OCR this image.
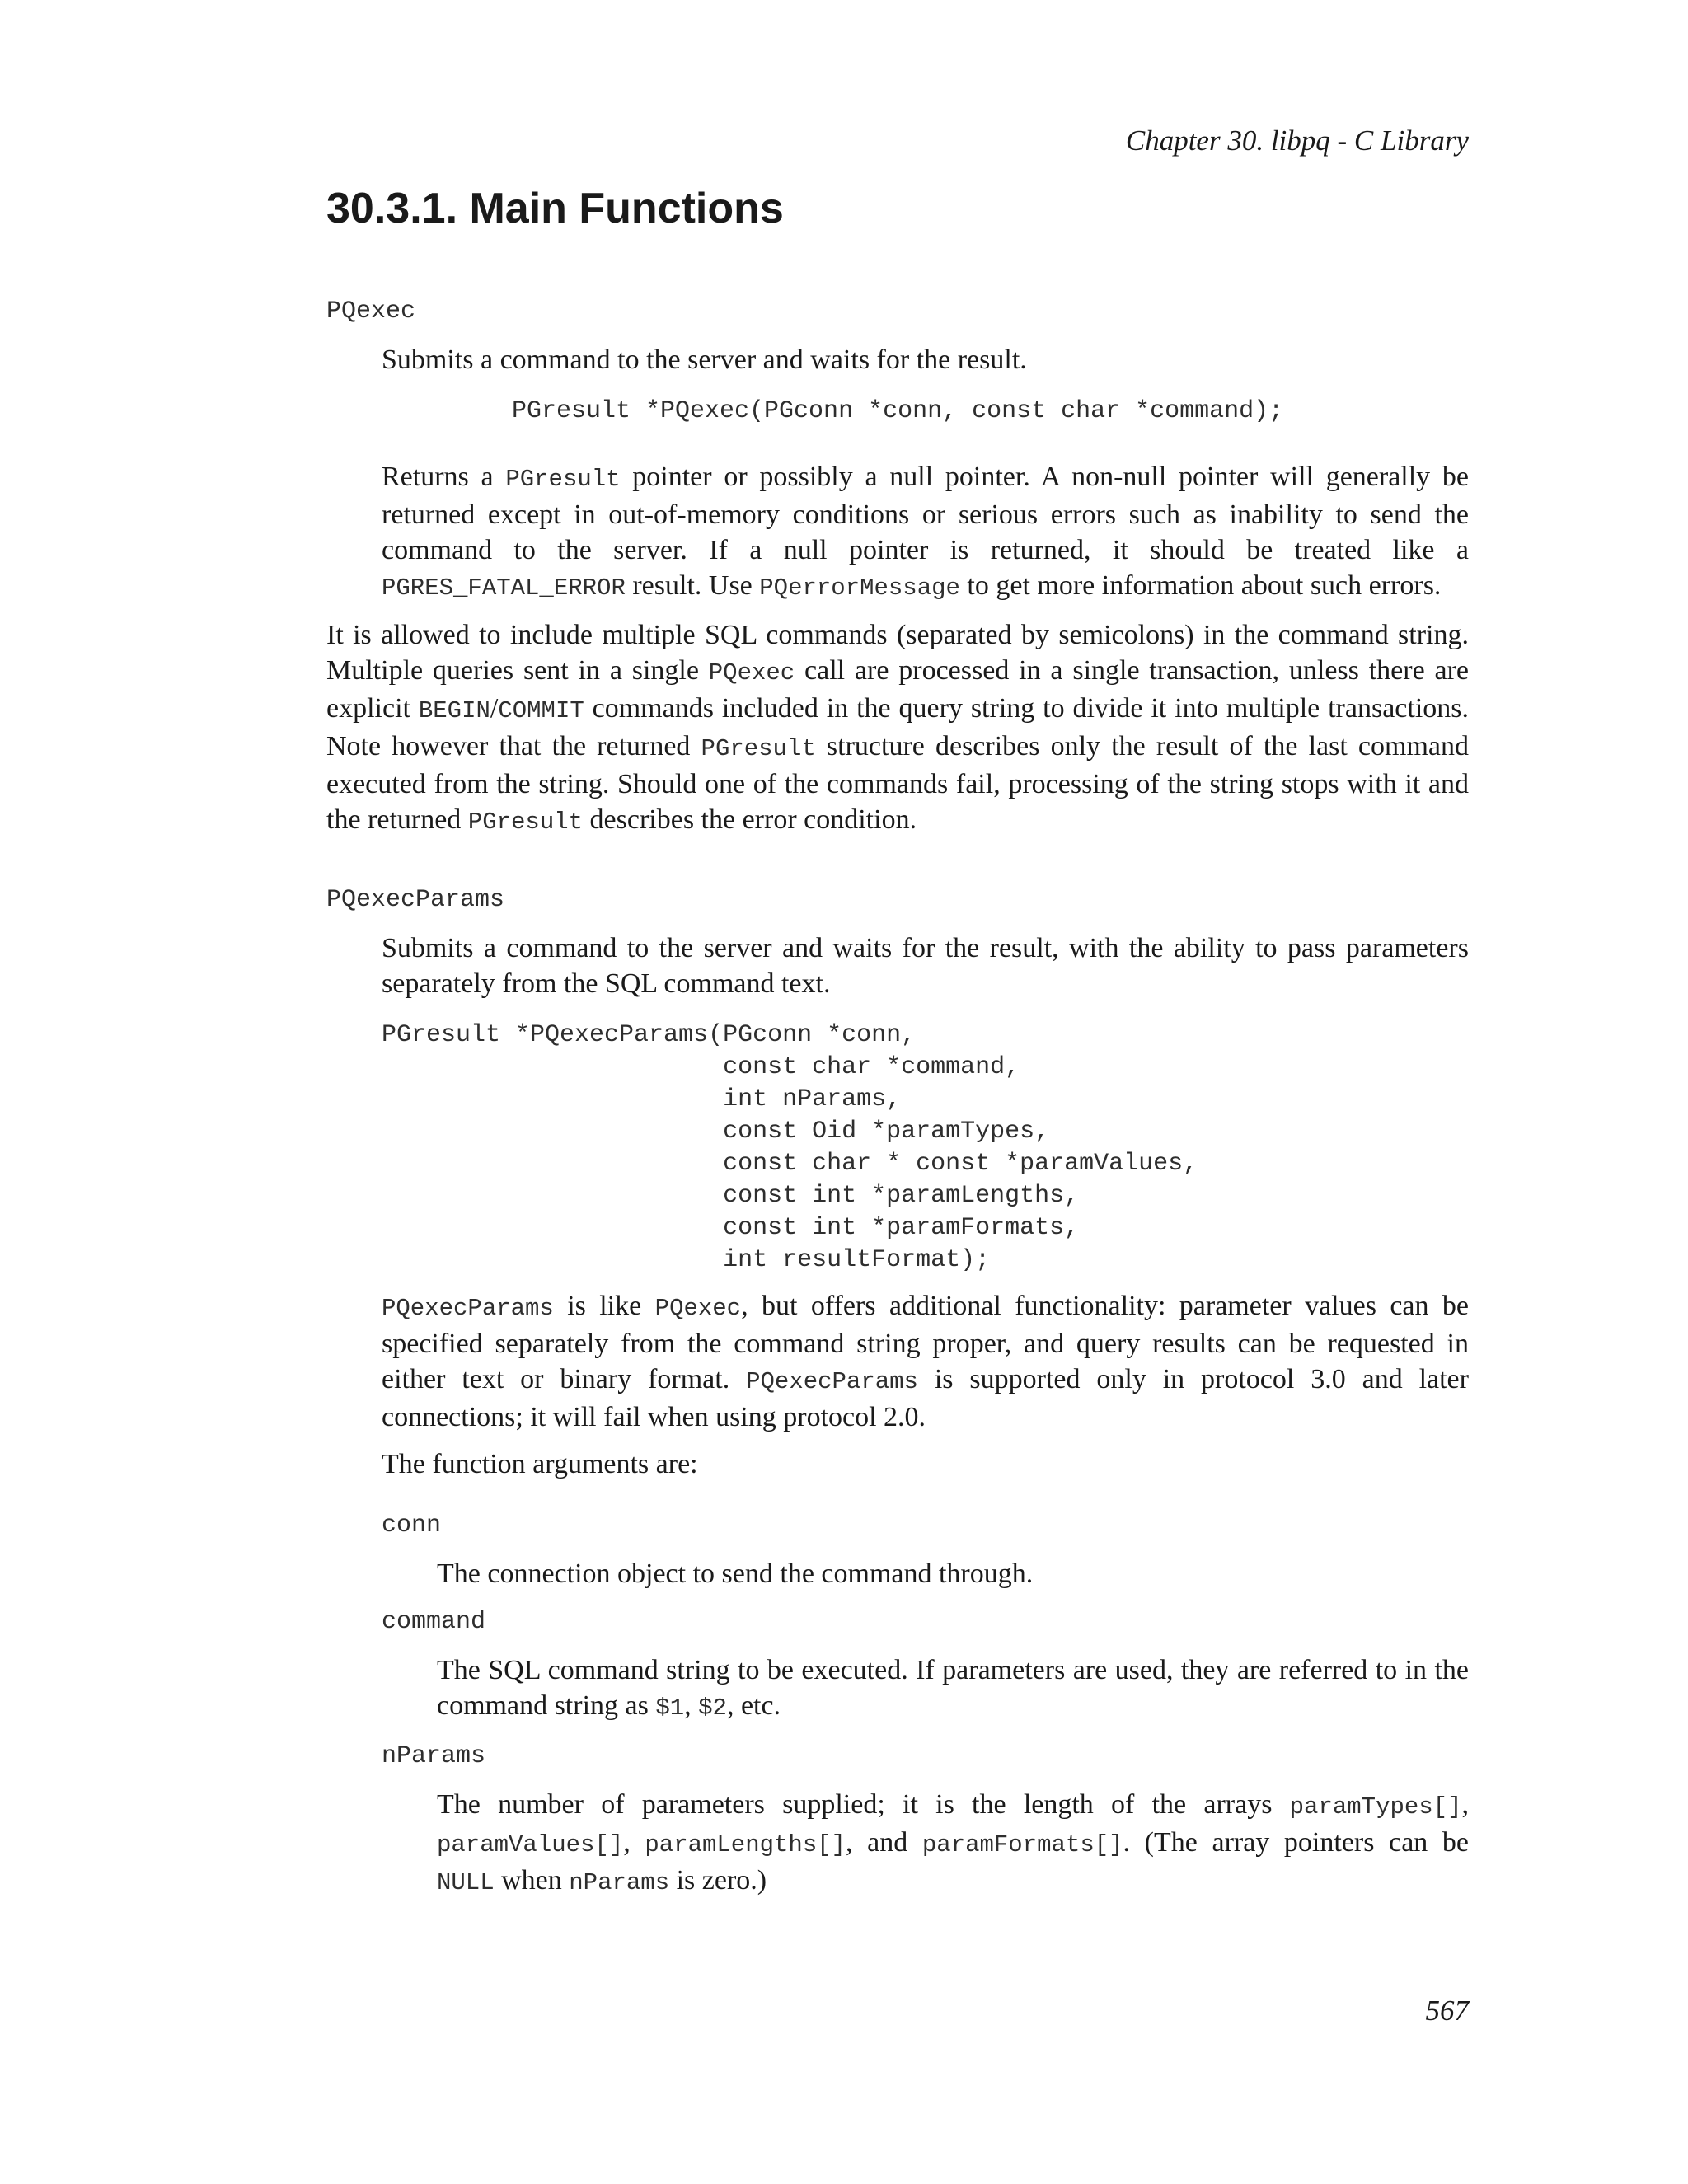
Chapter 30. libpq - C Library
30.3.1. Main Functions
PQexec

Submits a command to the server and waits for the result.

PGresult *PQexec(PGconn *conn, const char *command);

Returns a PGresult pointer or possibly a null pointer. A non-null pointer will generally be returned except in out-of-memory conditions or serious errors such as inability to send the command to the server. If a null pointer is returned, it should be treated like a PGRES_FATAL_ERROR result. Use PQerrorMessage to get more information about such errors.

It is allowed to include multiple SQL commands (separated by semicolons) in the command string. Multiple queries sent in a single PQexec call are processed in a single transaction, unless there are explicit BEGIN/COMMIT commands included in the query string to divide it into multiple transactions. Note however that the returned PGresult structure describes only the result of the last command executed from the string. Should one of the commands fail, processing of the string stops with it and the returned PGresult describes the error condition.

PQexecParams

Submits a command to the server and waits for the result, with the ability to pass parameters separately from the SQL command text.

PGresult *PQexecParams(PGconn *conn,
const char *command,
int nParams,
const Oid *paramTypes,
const char * const *paramValues,
const int *paramLengths,
const int *paramFormats,
int resultFormat);

PQexecParams is like PQexec, but offers additional functionality: parameter values can be specified separately from the command string proper, and query results can be requested in either text or binary format. PQexecParams is supported only in protocol 3.0 and later connections; it will fail when using protocol 2.0.

The function arguments are:

conn

The connection object to send the command through.

command

The SQL command string to be executed. If parameters are used, they are referred to in the command string as $1, $2, etc.

nParams

The number of parameters supplied; it is the length of the arrays paramTypes[], paramValues[], paramLengths[], and paramFormats[]. (The array pointers can be NULL when nParams is zero.)

567
